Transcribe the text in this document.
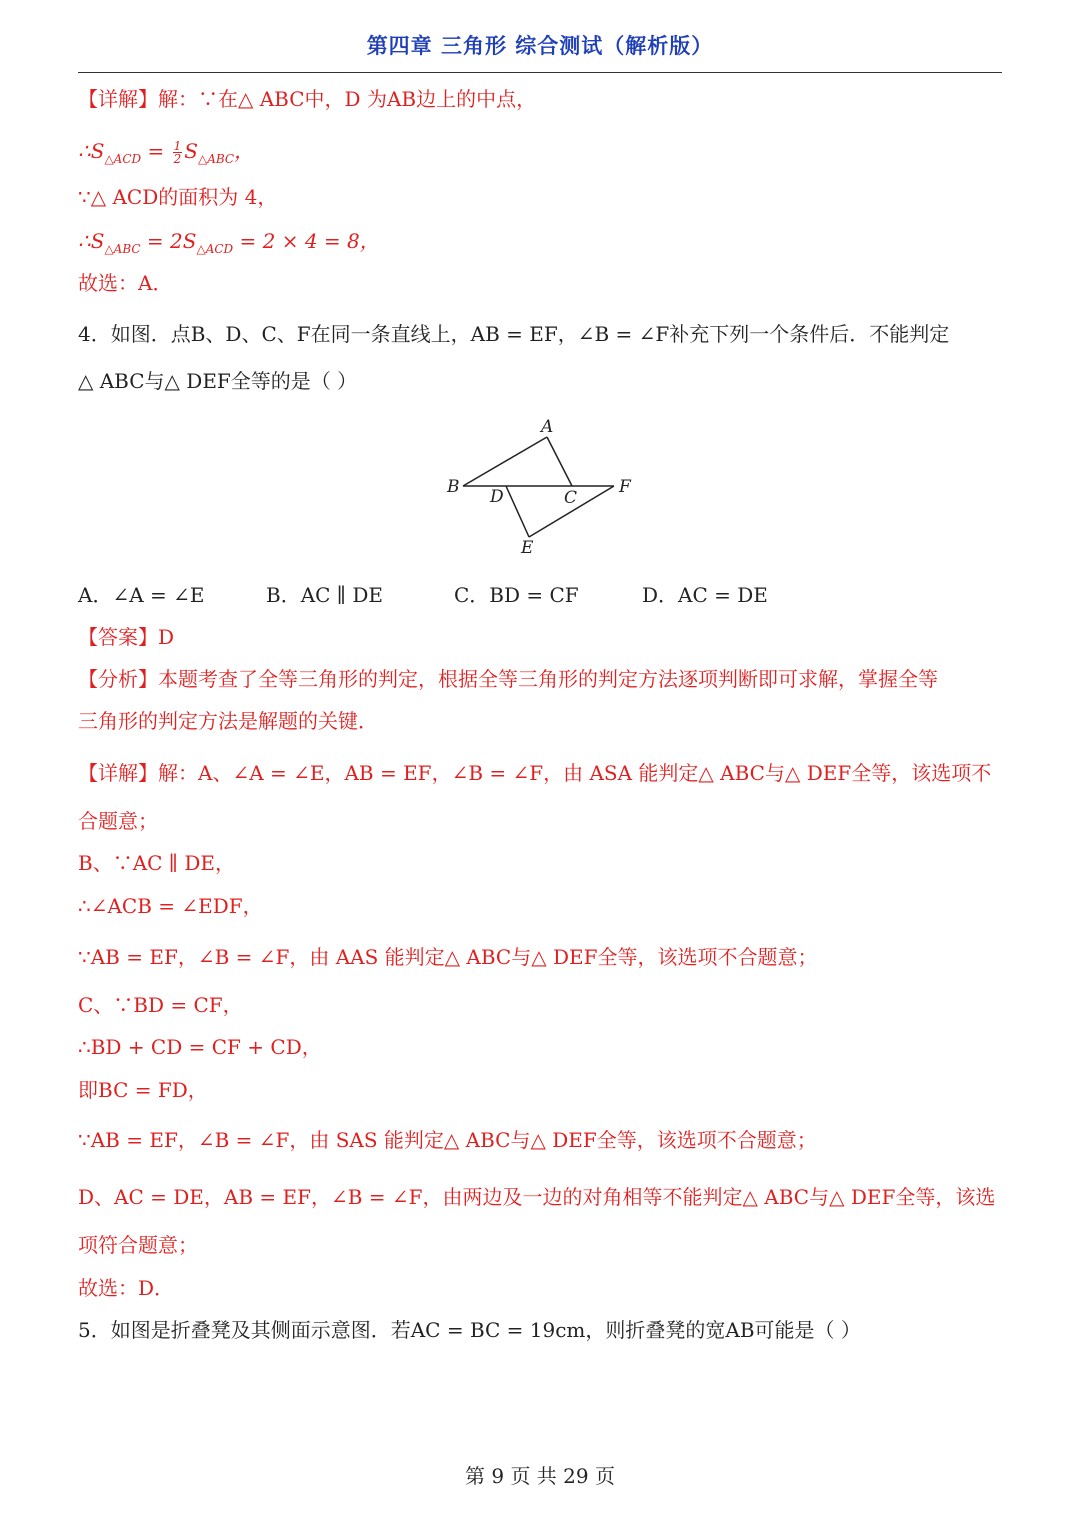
第四章 三角形 综合测试（解析版）
【详解】解：∵在△ ABC中，D 为AB边上的中点，
$\therefore S_{\triangle ACD} = \frac{1}{2} S_{\triangle ABC}$，
∵△ ACD的面积为 4，
$\therefore S_{\triangle ABC} = 2S_{\triangle ACD} = 2 \times 4 = 8$，
故选：A．
4．如图．点B、D、C、F在同一条直线上，AB = EF，∠B = ∠F补充下列一个条件后．不能判定
△ ABC与△ DEF全等的是（ ）
A
B
C
D
E
F
A．∠A = ∠E	B．AC ∥ DE	C．BD = CF	D．AC = DE
【答案】D
【分析】本题考查了全等三角形的判定，根据全等三角形的判定方法逐项判断即可求解，掌握全等
三角形的判定方法是解题的关键．
【详解】解：A、∠A = ∠E，AB = EF，∠B = ∠F，由 ASA 能判定△ ABC与△ DEF全等，该选项不
合题意；
B、∵AC ∥ DE，
∴∠ACB = ∠EDF，
∵AB = EF，∠B = ∠F，由 AAS 能判定△ ABC与△ DEF全等，该选项不合题意；
C、∵BD = CF，
∴BD + CD = CF + CD，
即BC = FD，
∵AB = EF，∠B = ∠F，由 SAS 能判定△ ABC与△ DEF全等，该选项不合题意；
D、AC = DE，AB = EF，∠B = ∠F，由两边及一边的对角相等不能判定△ ABC与△ DEF全等，该选
项符合题意；
故选：D．
5．如图是折叠凳及其侧面示意图．若AC = BC = 19cm，则折叠凳的宽AB可能是（ ）
第 9 页 共 29 页
